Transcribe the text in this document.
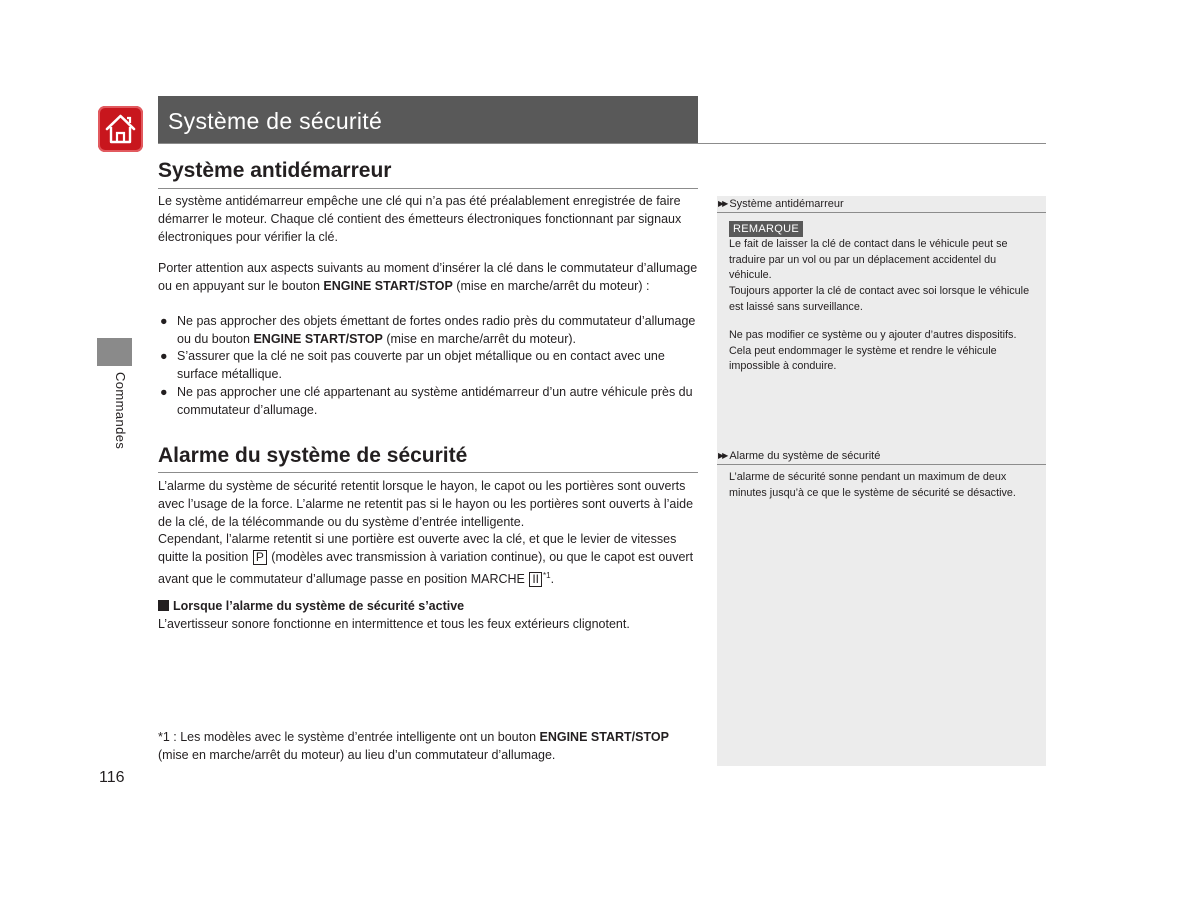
Système de sécurité
Commandes
Système antidémarreur
Le système antidémarreur empêche une clé qui n’a pas été préalablement enregistrée de faire démarrer le moteur. Chaque clé contient des émetteurs électroniques fonctionnant par signaux électroniques pour vérifier la clé.
Porter attention aux aspects suivants au moment d’insérer la clé dans le commutateur d’allumage ou en appuyant sur le bouton ENGINE START/STOP (mise en marche/arrêt du moteur) :
● Ne pas approcher des objets émettant de fortes ondes radio près du commutateur d’allumage ou du bouton ENGINE START/STOP (mise en marche/arrêt du moteur).
● S’assurer que la clé ne soit pas couverte par un objet métallique ou en contact avec une surface métallique.
● Ne pas approcher une clé appartenant au système antidémarreur d’un autre véhicule près du commutateur d’allumage.
Alarme du système de sécurité
L’alarme du système de sécurité retentit lorsque le hayon, le capot ou les portières sont ouverts avec l’usage de la force. L’alarme ne retentit pas si le hayon ou les portières sont ouverts à l’aide de la clé, de la télécommande ou du système d’entrée intelligente.
Cependant, l’alarme retentit si une portière est ouverte avec la clé, et que le levier de vitesses quitte la position P (modèles avec transmission à variation continue), ou que le capot est ouvert avant que le commutateur d’allumage passe en position MARCHE II $^{*1}$.
Lorsque l’alarme du système de sécurité s’active
L’avertisseur sonore fonctionne en intermittence et tous les feux extérieurs clignotent.
*1 : Les modèles avec le système d’entrée intelligente ont un bouton ENGINE START/STOP (mise en marche/arrêt du moteur) au lieu d’un commutateur d’allumage.
▶▶ Système antidémarreur
REMARQUE
Le fait de laisser la clé de contact dans le véhicule peut se traduire par un vol ou par un déplacement accidentel du véhicule.
Toujours apporter la clé de contact avec soi lorsque le véhicule est laissé sans surveillance.
Ne pas modifier ce système ou y ajouter d’autres dispositifs. Cela peut endommager le système et rendre le véhicule impossible à conduire.
▶▶ Alarme du système de sécurité
L’alarme de sécurité sonne pendant un maximum de deux minutes jusqu’à ce que le système de sécurité se désactive.
116
